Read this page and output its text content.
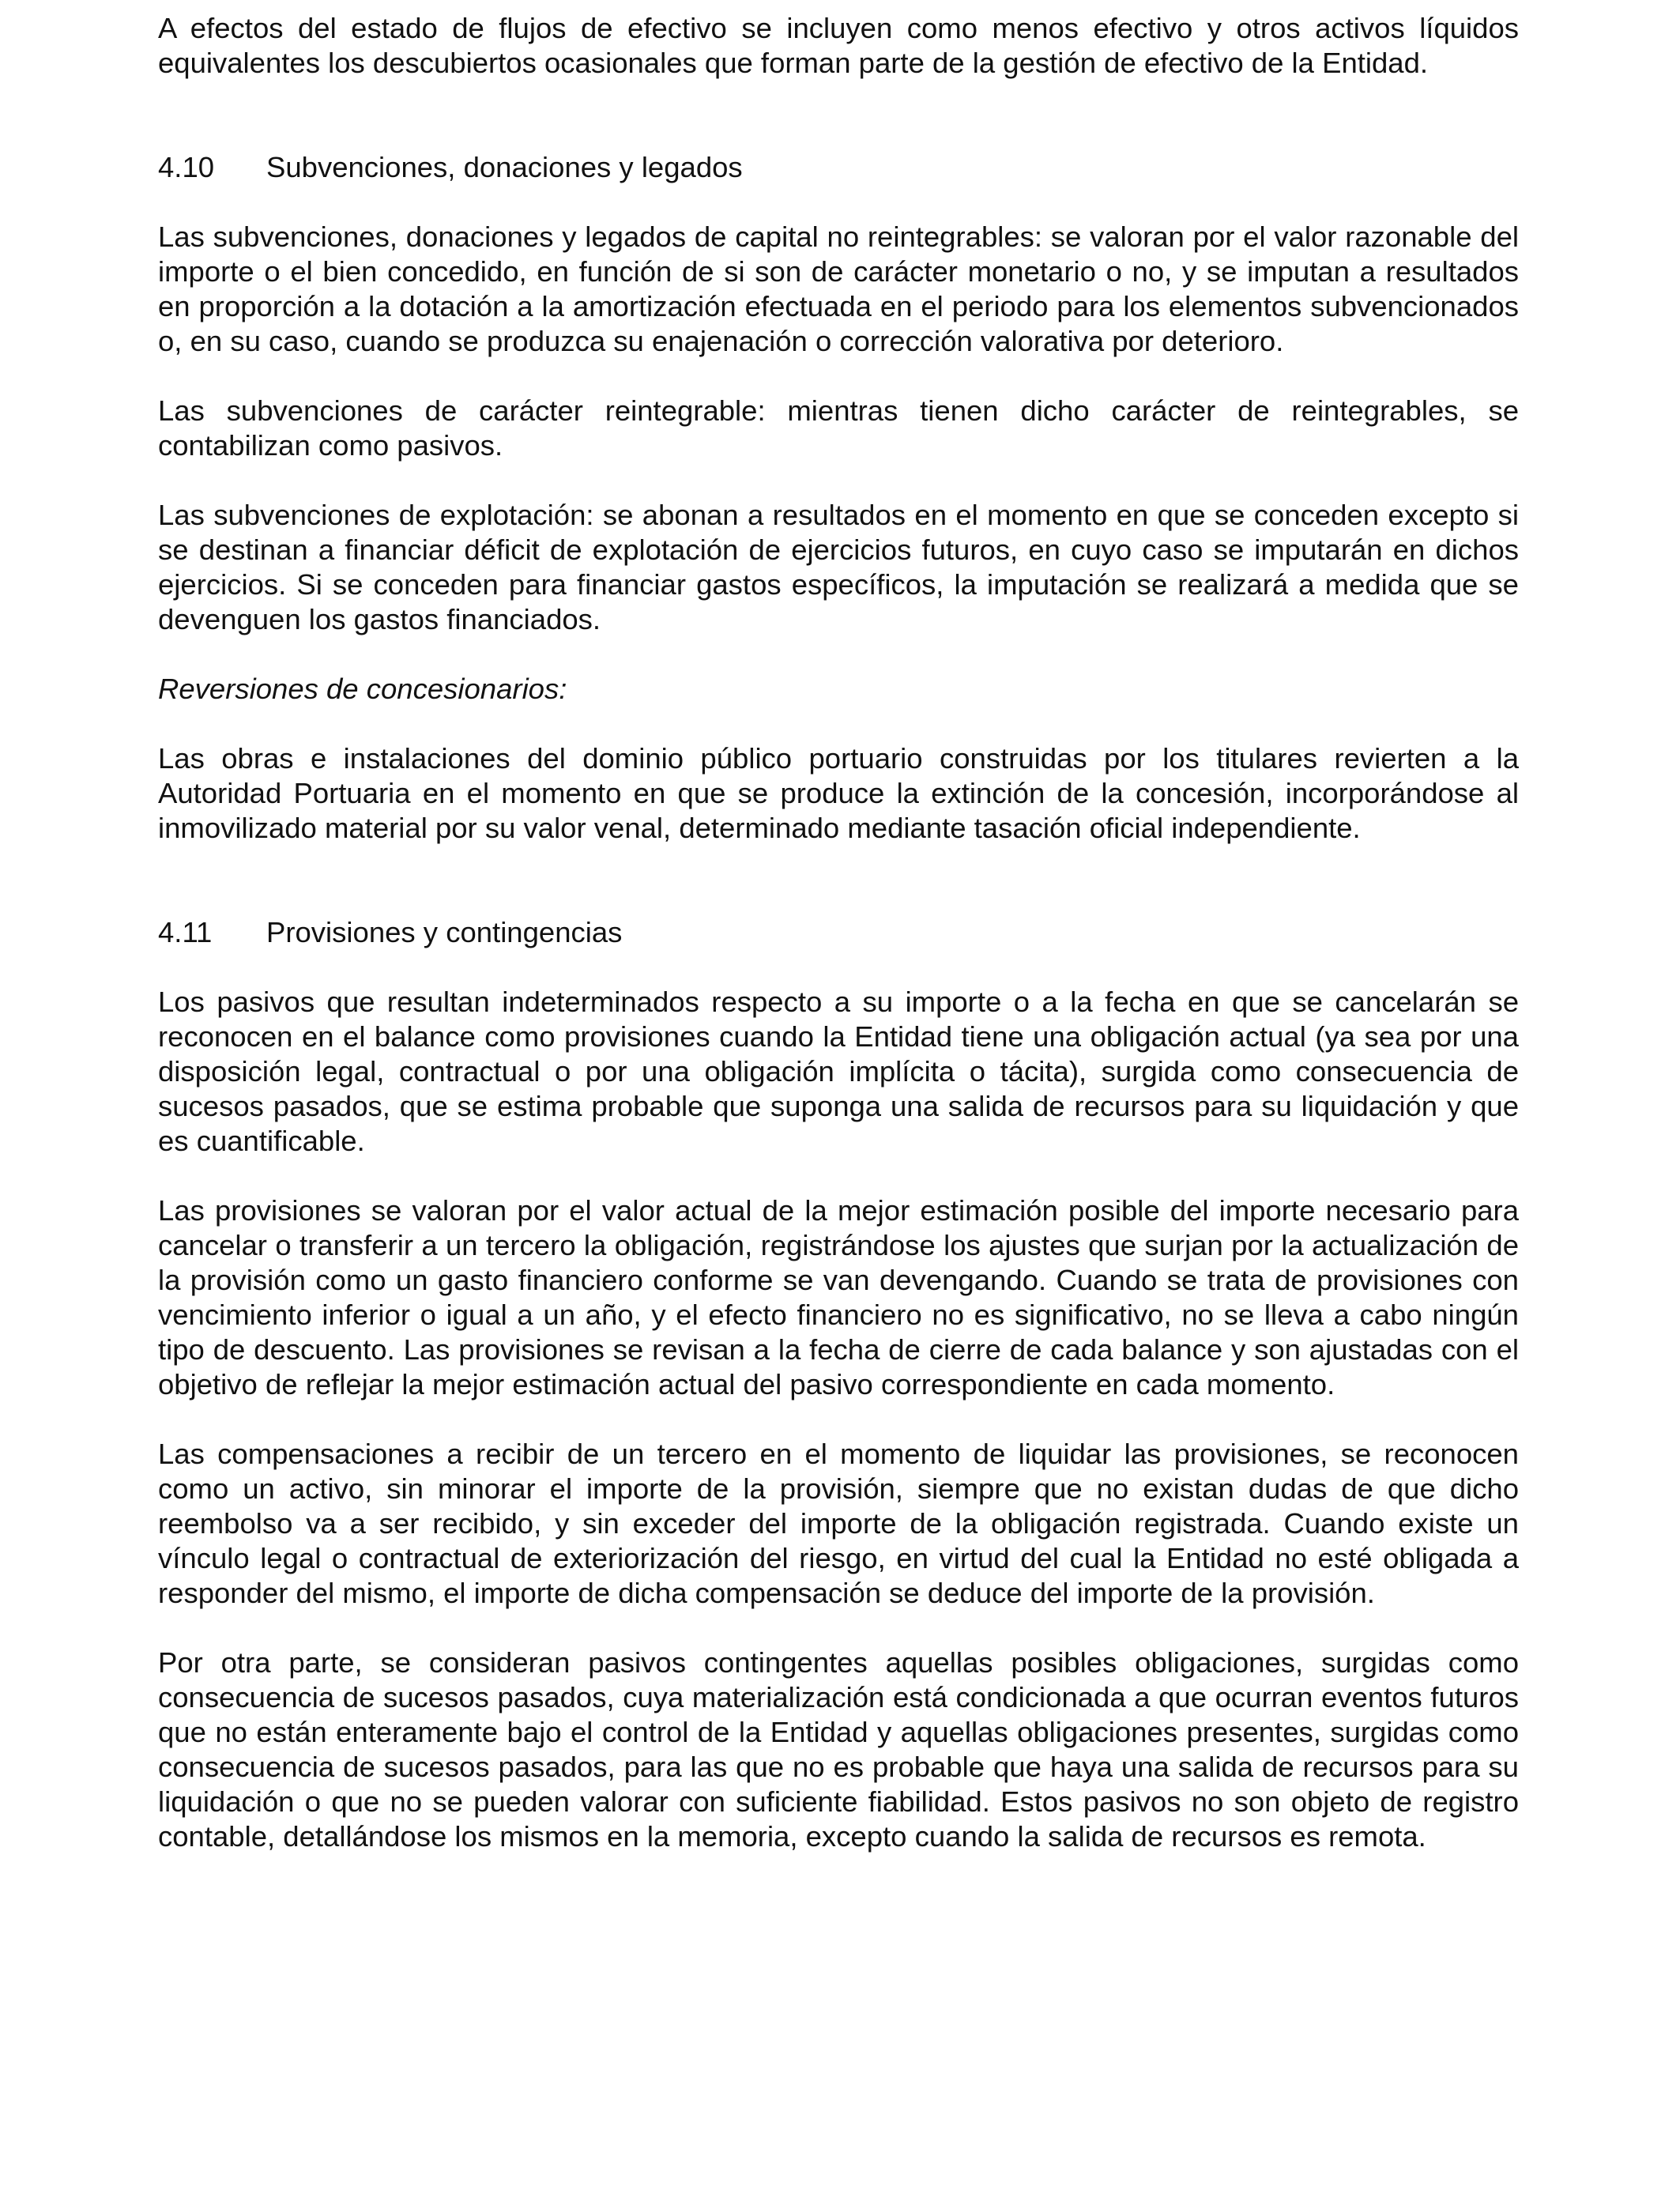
A efectos del estado de flujos de efectivo se incluyen como menos efectivo y otros activos líquidos equivalentes los descubiertos ocasionales que forman parte de la gestión de efectivo de la Entidad.

4.10	Subvenciones, donaciones y legados

Las subvenciones, donaciones y legados de capital no reintegrables: se valoran por el valor razonable del importe o el bien concedido, en función de si son de carácter monetario o no, y se imputan a resultados en proporción a la dotación a la amortización efectuada en el periodo para los elementos subvencionados o, en su caso, cuando se produzca su enajenación o corrección valorativa por deterioro.

Las subvenciones de carácter reintegrable: mientras tienen dicho carácter de reintegrables, se contabilizan como pasivos.

Las subvenciones de explotación: se abonan a resultados en el momento en que se conceden excepto si se destinan a financiar déficit de explotación de ejercicios futuros, en cuyo caso se imputarán en dichos ejercicios. Si se conceden para financiar gastos específicos, la imputación se realizará a medida que se devenguen los gastos financiados.

Reversiones de concesionarios:

Las obras e instalaciones del dominio público portuario construidas por los titulares revierten a la Autoridad Portuaria en el momento en que se produce la extinción de la concesión, incorporándose al inmovilizado material por su valor venal, determinado mediante tasación oficial independiente.

4.11	Provisiones y contingencias

Los pasivos que resultan indeterminados respecto a su importe o a la fecha en que se cancelarán se reconocen en el balance como provisiones cuando la Entidad tiene una obligación actual (ya sea por una disposición legal, contractual o por una obligación implícita o tácita), surgida como consecuencia de sucesos pasados, que se estima probable que suponga una salida de recursos para su liquidación y que es cuantificable.

Las provisiones se valoran por el valor actual de la mejor estimación posible del importe necesario para cancelar o transferir a un tercero la obligación, registrándose los ajustes que surjan por la actualización de la provisión como un gasto financiero conforme se van devengando. Cuando se trata de provisiones con vencimiento inferior o igual a un año, y el efecto financiero no es significativo, no se lleva a cabo ningún tipo de descuento. Las provisiones se revisan a la fecha de cierre de cada balance y son ajustadas con el objetivo de reflejar la mejor estimación actual del pasivo correspondiente en cada momento.

Las compensaciones a recibir de un tercero en el momento de liquidar las provisiones, se reconocen como un activo, sin minorar el importe de la provisión, siempre que no existan dudas de que dicho reembolso va a ser recibido, y sin exceder del importe de la obligación registrada. Cuando existe un vínculo legal o contractual de exteriorización del riesgo, en virtud del cual la Entidad no esté obligada a responder del mismo, el importe de dicha compensación se deduce del importe de la provisión.

Por otra parte, se consideran pasivos contingentes aquellas posibles obligaciones, surgidas como consecuencia de sucesos pasados, cuya materialización está condicionada a que ocurran eventos futuros que no están enteramente bajo el control de la Entidad y aquellas obligaciones presentes, surgidas como consecuencia de sucesos pasados, para las que no es probable que haya una salida de recursos para su liquidación o que no se pueden valorar con suficiente fiabilidad. Estos pasivos no son objeto de registro contable, detallándose los mismos en la memoria, excepto cuando la salida de recursos es remota.
